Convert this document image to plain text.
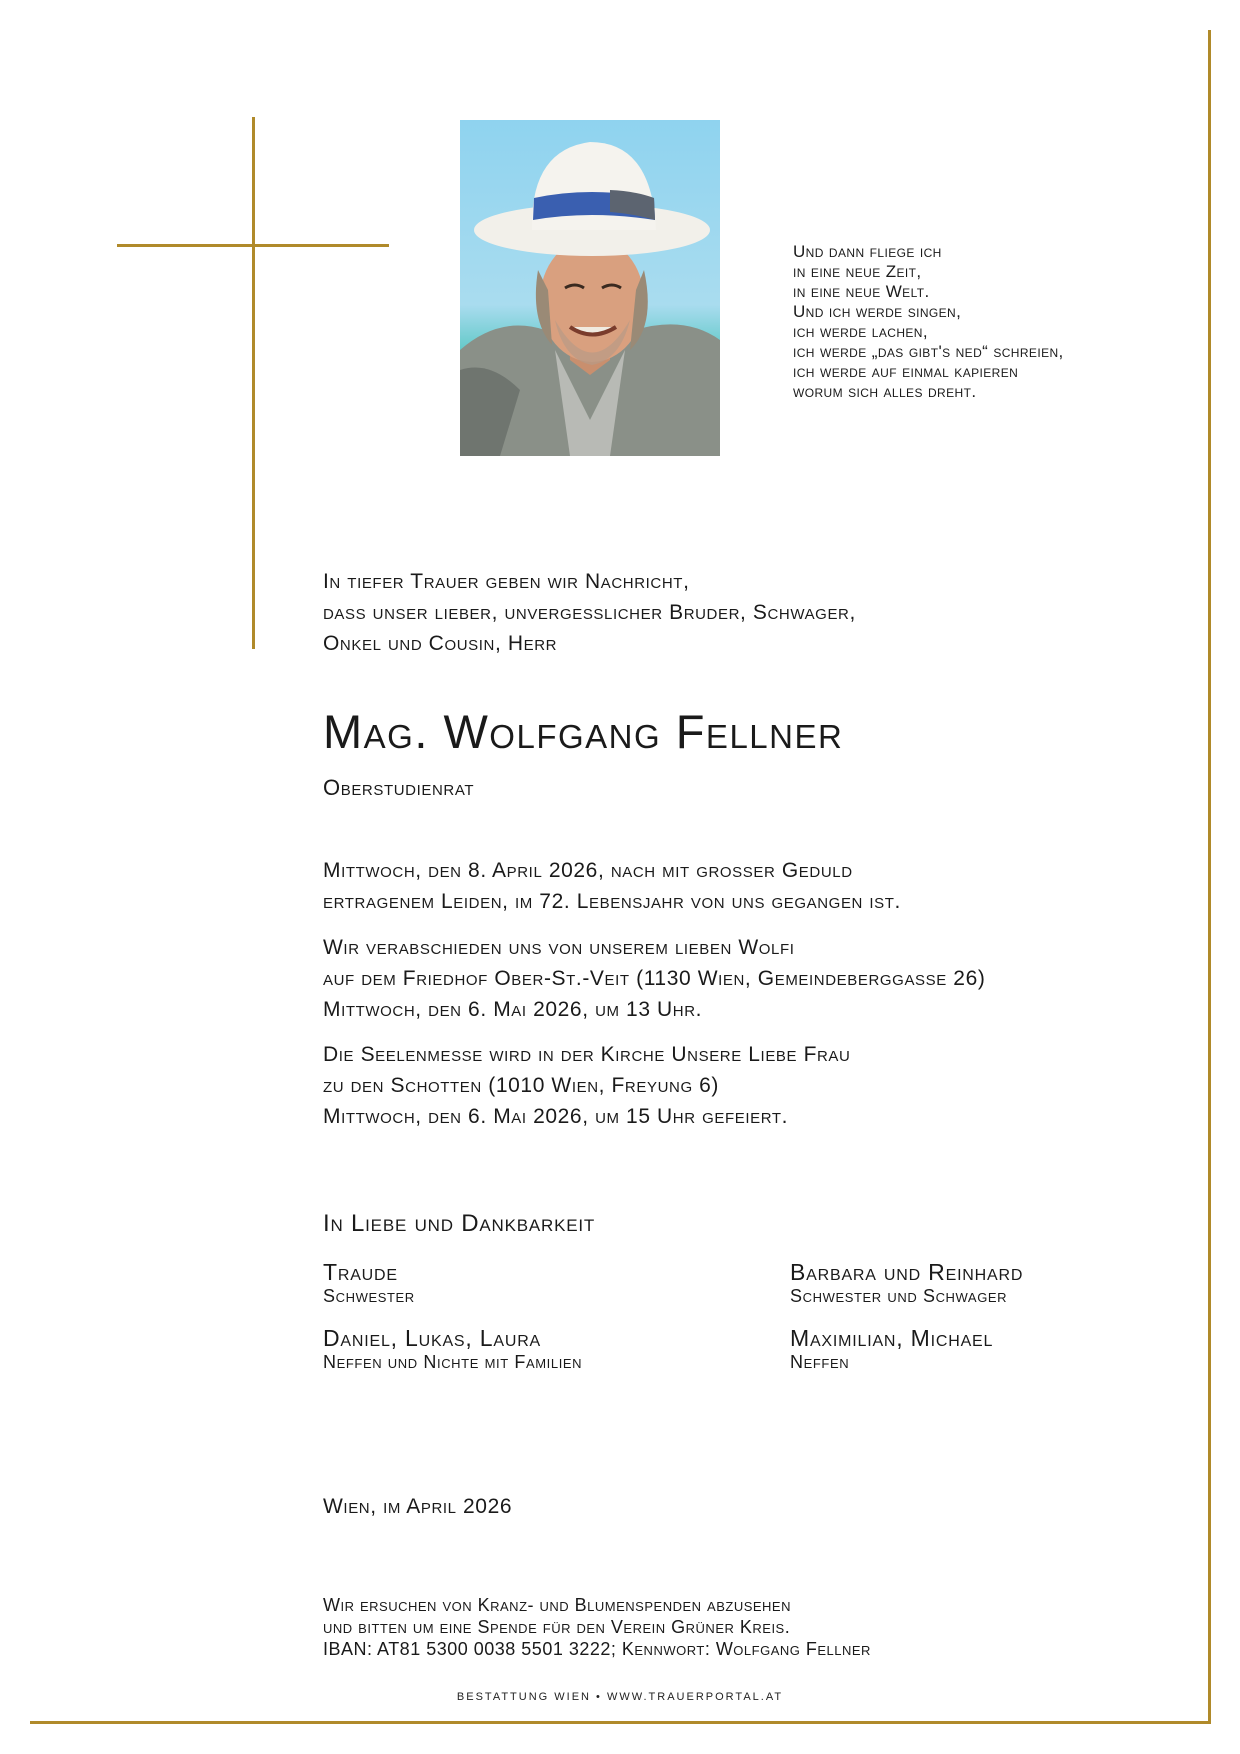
Und dann fliege ich
in eine neue Zeit,
in eine neue Welt.
Und ich werde singen,
ich werde lachen,
ich werde „das gibt's ned“ schreien,
ich werde auf einmal kapieren
worum sich alles dreht.
In tiefer Trauer geben wir Nachricht,
dass unser lieber, unvergesslicher Bruder, Schwager,
Onkel und Cousin, Herr
Mag. Wolfgang Fellner
Oberstudienrat
Mittwoch, den 8. April 2026, nach mit grosser Geduld
ertragenem Leiden, im 72. Lebensjahr von uns gegangen ist.
Wir verabschieden uns von unserem lieben Wolfi
auf dem Friedhof Ober-St.-Veit (1130 Wien, Gemeindeberggasse 26)
Mittwoch, den 6. Mai 2026, um 13 Uhr.
Die Seelenmesse wird in der Kirche Unsere Liebe Frau
zu den Schotten (1010 Wien, Freyung 6)
Mittwoch, den 6. Mai 2026, um 15 Uhr gefeiert.
In Liebe und Dankbarkeit
Traude
Schwester
Barbara und Reinhard
Schwester und Schwager
Daniel, Lukas, Laura
Neffen und Nichte mit Familien
Maximilian, Michael
Neffen
Wien, im April 2026
Wir ersuchen von Kranz- und Blumenspenden abzusehen
und bitten um eine Spende für den Verein Grüner Kreis.
IBAN: AT81 5300 0038 5501 3222; Kennwort: Wolfgang Fellner
BESTATTUNG WIEN • WWW.TRAUERPORTAL.AT
